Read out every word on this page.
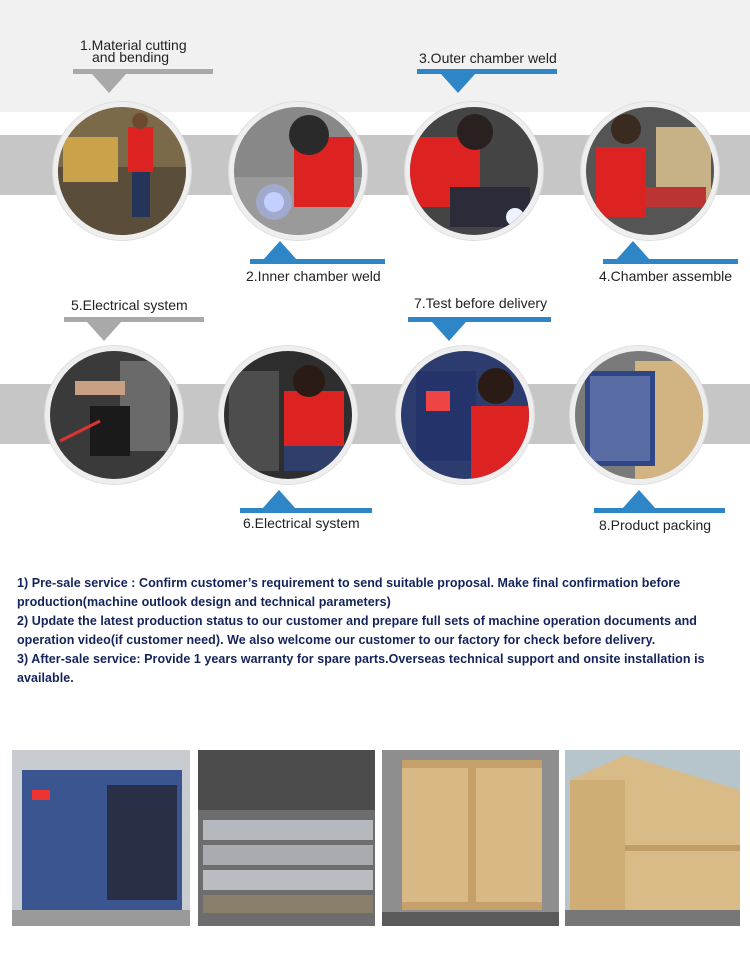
1.Material cutting
and bending	3.Outer chamber weld
2.Inner chamber weld	4.Chamber assemble
5.Electrical system	7.Test before delivery
6.Electrical system	8.Product packing

1) Pre-sale service : Confirm customer’s requirement to send suitable proposal. Make final confirmation before production(machine outlook design and technical parameters)

2) Update the latest production status to our customer and prepare full sets of machine operation documents and operation video(if customer need). We also welcome our customer to our factory for check before delivery.

3) After-sale service: Provide 1 years warranty for spare parts.Overseas technical support and onsite installation is available.
